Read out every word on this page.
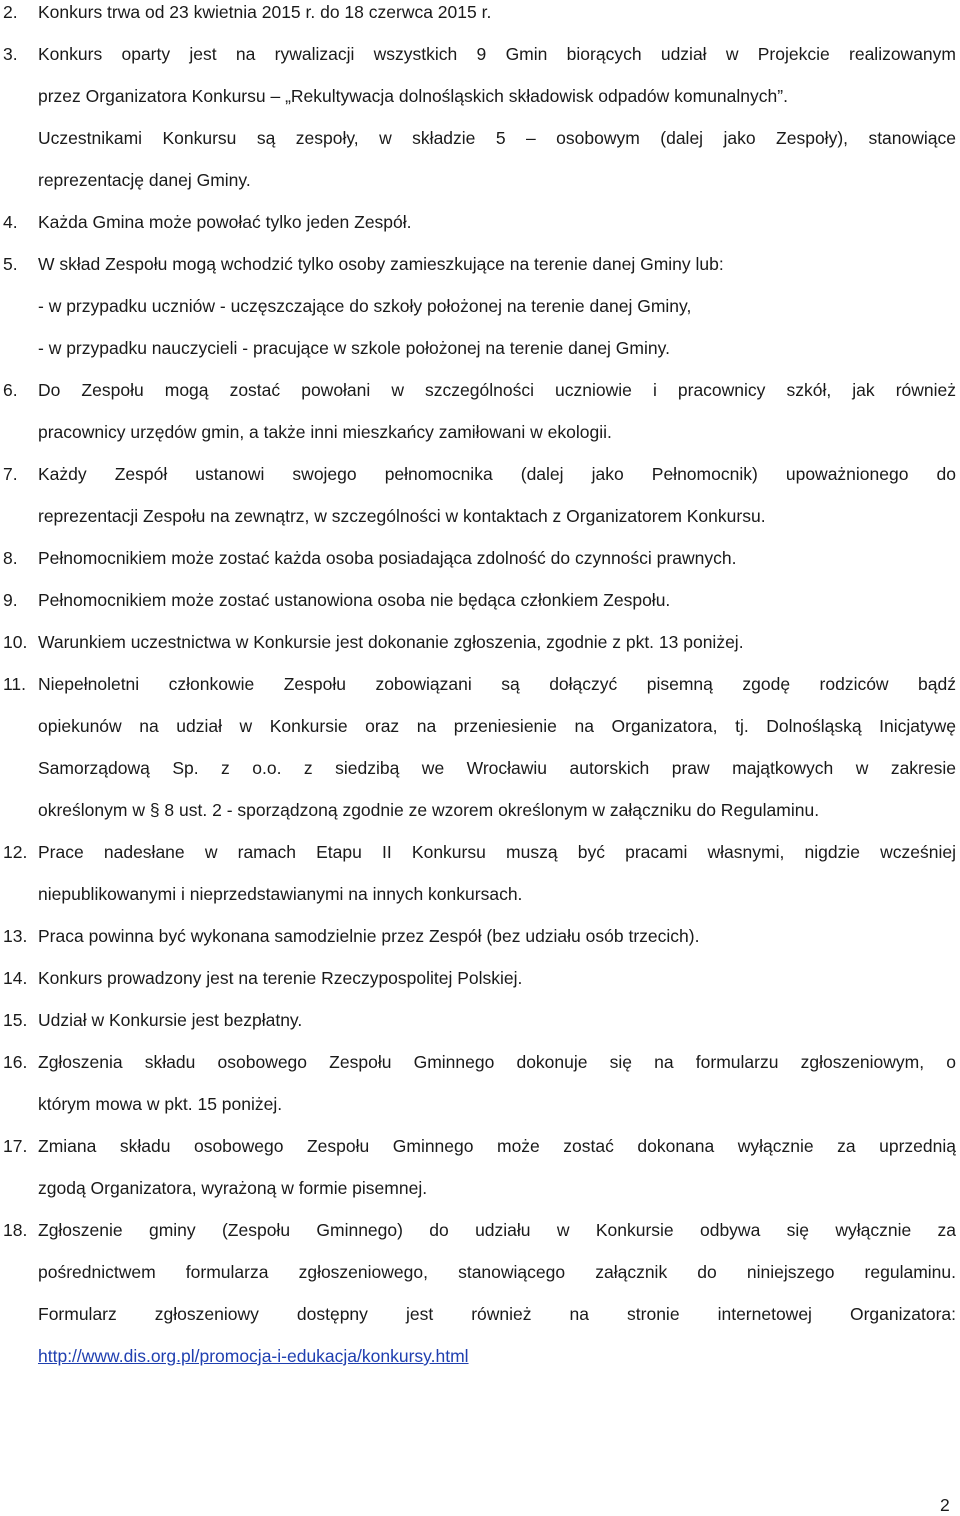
2. Konkurs trwa od 23 kwietnia 2015 r. do 18 czerwca 2015 r.
3. Konkurs oparty jest na rywalizacji wszystkich 9 Gmin biorących udział w Projekcie realizowanym
przez Organizatora Konkursu – „Rekultywacja dolnośląskich składowisk odpadów komunalnych”.
Uczestnikami Konkursu są zespoły, w składzie 5 – osobowym (dalej jako Zespoły), stanowiące
reprezentację danej Gminy.
4. Każda Gmina może powołać tylko jeden Zespół.
5. W skład Zespołu mogą wchodzić tylko osoby zamieszkujące na terenie danej Gminy lub:
- w przypadku uczniów - uczęszczające do szkoły położonej na terenie danej Gminy,
- w przypadku nauczycieli ‐ pracujące w szkole położonej na terenie danej Gminy.
6. Do Zespołu mogą zostać powołani w szczególności uczniowie i pracownicy szkół, jak również
pracownicy urzędów gmin, a także inni mieszkańcy zamiłowani w ekologii.
7. Każdy Zespół ustanowi swojego pełnomocnika (dalej jako Pełnomocnik) upoważnionego do
reprezentacji Zespołu na zewnątrz, w szczególności w kontaktach z Organizatorem Konkursu.
8. Pełnomocnikiem może zostać każda osoba posiadająca zdolność do czynności prawnych.
9. Pełnomocnikiem może zostać ustanowiona osoba nie będąca członkiem Zespołu.
10. Warunkiem uczestnictwa w Konkursie jest dokonanie zgłoszenia, zgodnie z pkt. 13 poniżej.
11. Niepełnoletni członkowie Zespołu zobowiązani są dołączyć pisemną zgodę rodziców bądź
opiekunów na udział w Konkursie oraz na przeniesienie na Organizatora, tj. Dolnośląską Inicjatywę
Samorządową Sp. z o.o. z siedzibą we Wrocławiu autorskich praw majątkowych w zakresie
określonym w § 8 ust. 2 - sporządzoną zgodnie ze wzorem określonym w załączniku do Regulaminu.
12. Prace nadesłane w ramach Etapu II Konkursu muszą być pracami własnymi, nigdzie wcześniej
niepublikowanymi i nieprzedstawianymi na innych konkursach.
13. Praca powinna być wykonana samodzielnie przez Zespół (bez udziału osób trzecich).
14. Konkurs prowadzony jest na terenie Rzeczypospolitej Polskiej.
15. Udział w Konkursie jest bezpłatny.
16. Zgłoszenia składu osobowego Zespołu Gminnego dokonuje się na formularzu zgłoszeniowym, o
którym mowa w pkt. 15 poniżej.
17. Zmiana składu osobowego Zespołu Gminnego może zostać dokonana wyłącznie za uprzednią
zgodą Organizatora, wyrażoną w formie pisemnej.
18. Zgłoszenie gminy (Zespołu Gminnego) do udziału w Konkursie odbywa się wyłącznie za
pośrednictwem formularza zgłoszeniowego, stanowiącego załącznik do niniejszego regulaminu.
Formularz zgłoszeniowy dostępny jest również na stronie internetowej Organizatora:
http://www.dis.org.pl/promocja-i-edukacja/konkursy.html
2
